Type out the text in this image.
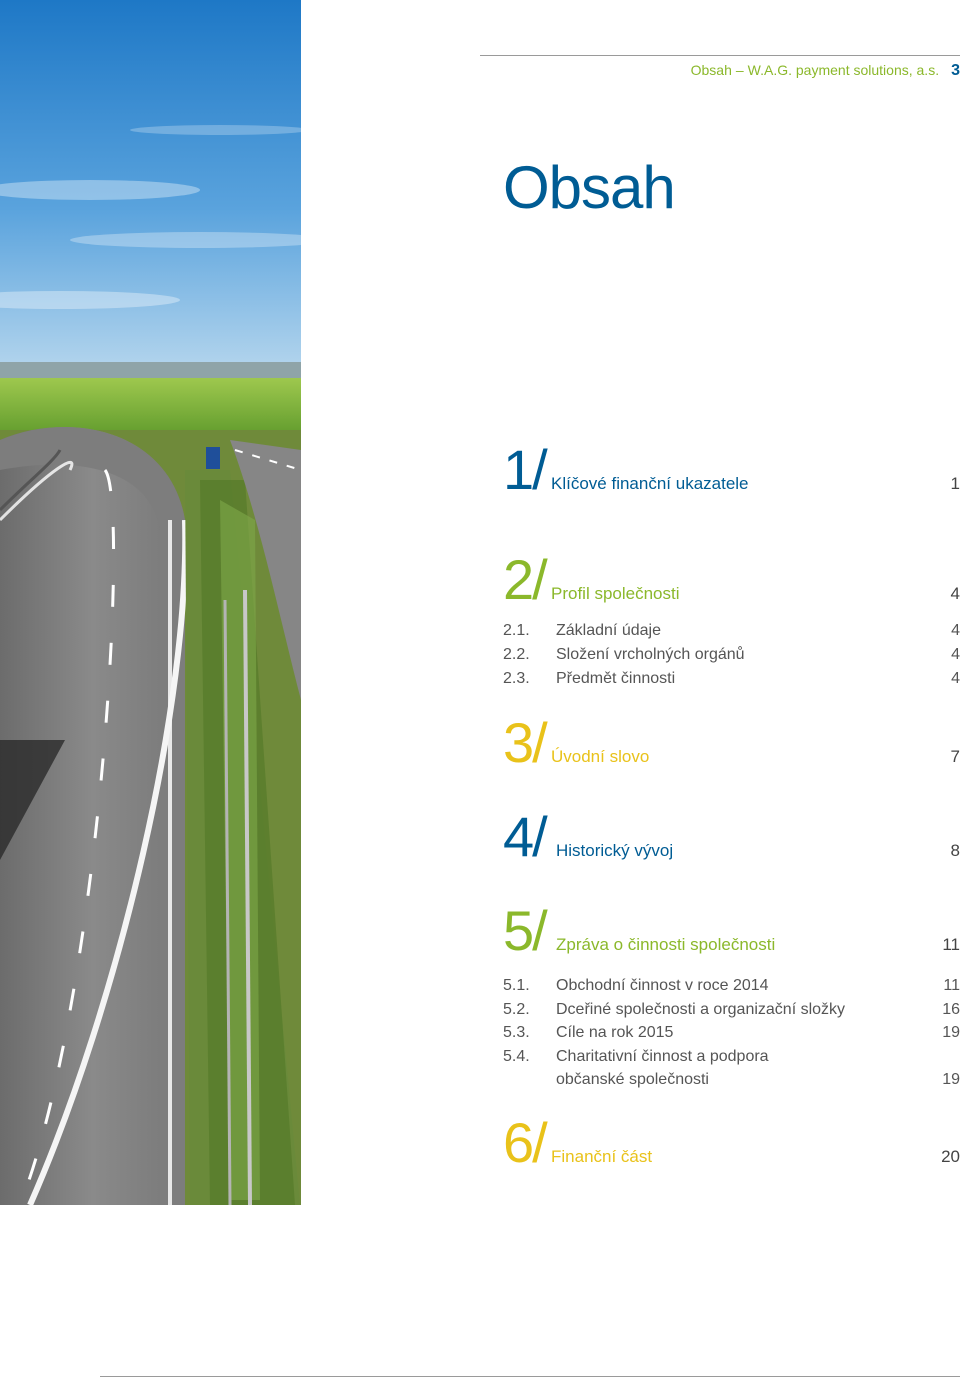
Obsah – W.A.G. payment solutions, a.s. 3
Obsah
1/ Klíčové finanční ukazatele	1
2/ Profil společnosti	4
2.1. Základní údaje	4
2.2. Složení vrcholných orgánů	4
2.3. Předmět činnosti	4
3/ Úvodní slovo	7
4/ Historický vývoj	8
5/ Zpráva o činnosti společnosti	11
5.1. Obchodní činnost v roce 2014	11
5.2. Dceřiné společnosti a organizační složky	16
5.3. Cíle na rok 2015	19
5.4. Charitativní činnost a podpora
občanské společnosti	19
6/ Finanční část	20
